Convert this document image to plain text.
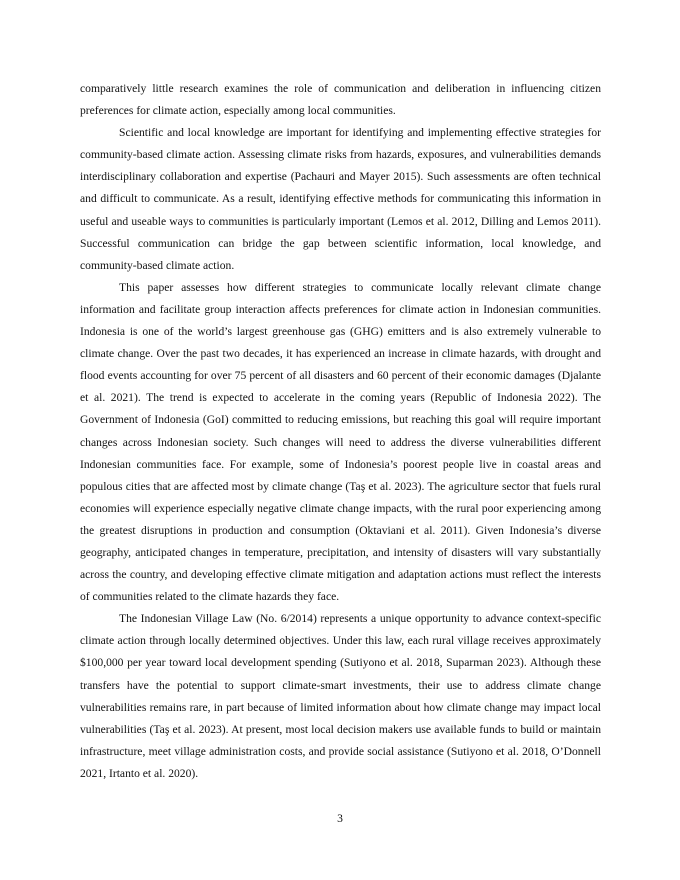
comparatively little research examines the role of communication and deliberation in influencing citizen preferences for climate action, especially among local communities.

Scientific and local knowledge are important for identifying and implementing effective strategies for community-based climate action. Assessing climate risks from hazards, exposures, and vulnerabilities demands interdisciplinary collaboration and expertise (Pachauri and Mayer 2015). Such assessments are often technical and difficult to communicate. As a result, identifying effective methods for communicating this information in useful and useable ways to communities is particularly important (Lemos et al. 2012, Dilling and Lemos 2011). Successful communication can bridge the gap between scientific information, local knowledge, and community-based climate action.

This paper assesses how different strategies to communicate locally relevant climate change information and facilitate group interaction affects preferences for climate action in Indonesian communities. Indonesia is one of the world’s largest greenhouse gas (GHG) emitters and is also extremely vulnerable to climate change. Over the past two decades, it has experienced an increase in climate hazards, with drought and flood events accounting for over 75 percent of all disasters and 60 percent of their economic damages (Djalante et al. 2021). The trend is expected to accelerate in the coming years (Republic of Indonesia 2022). The Government of Indonesia (GoI) committed to reducing emissions, but reaching this goal will require important changes across Indonesian society. Such changes will need to address the diverse vulnerabilities different Indonesian communities face. For example, some of Indonesia’s poorest people live in coastal areas and populous cities that are affected most by climate change (Taş et al. 2023). The agriculture sector that fuels rural economies will experience especially negative climate change impacts, with the rural poor experiencing among the greatest disruptions in production and consumption (Oktaviani et al. 2011). Given Indonesia’s diverse geography, anticipated changes in temperature, precipitation, and intensity of disasters will vary substantially across the country, and developing effective climate mitigation and adaptation actions must reflect the interests of communities related to the climate hazards they face.

The Indonesian Village Law (No. 6/2014) represents a unique opportunity to advance context-specific climate action through locally determined objectives. Under this law, each rural village receives approximately $100,000 per year toward local development spending (Sutiyono et al. 2018, Suparman 2023). Although these transfers have the potential to support climate-smart investments, their use to address climate change vulnerabilities remains rare, in part because of limited information about how climate change may impact local vulnerabilities (Taş et al. 2023). At present, most local decision makers use available funds to build or maintain infrastructure, meet village administration costs, and provide social assistance (Sutiyono et al. 2018, O’Donnell 2021, Irtanto et al. 2020).

3
